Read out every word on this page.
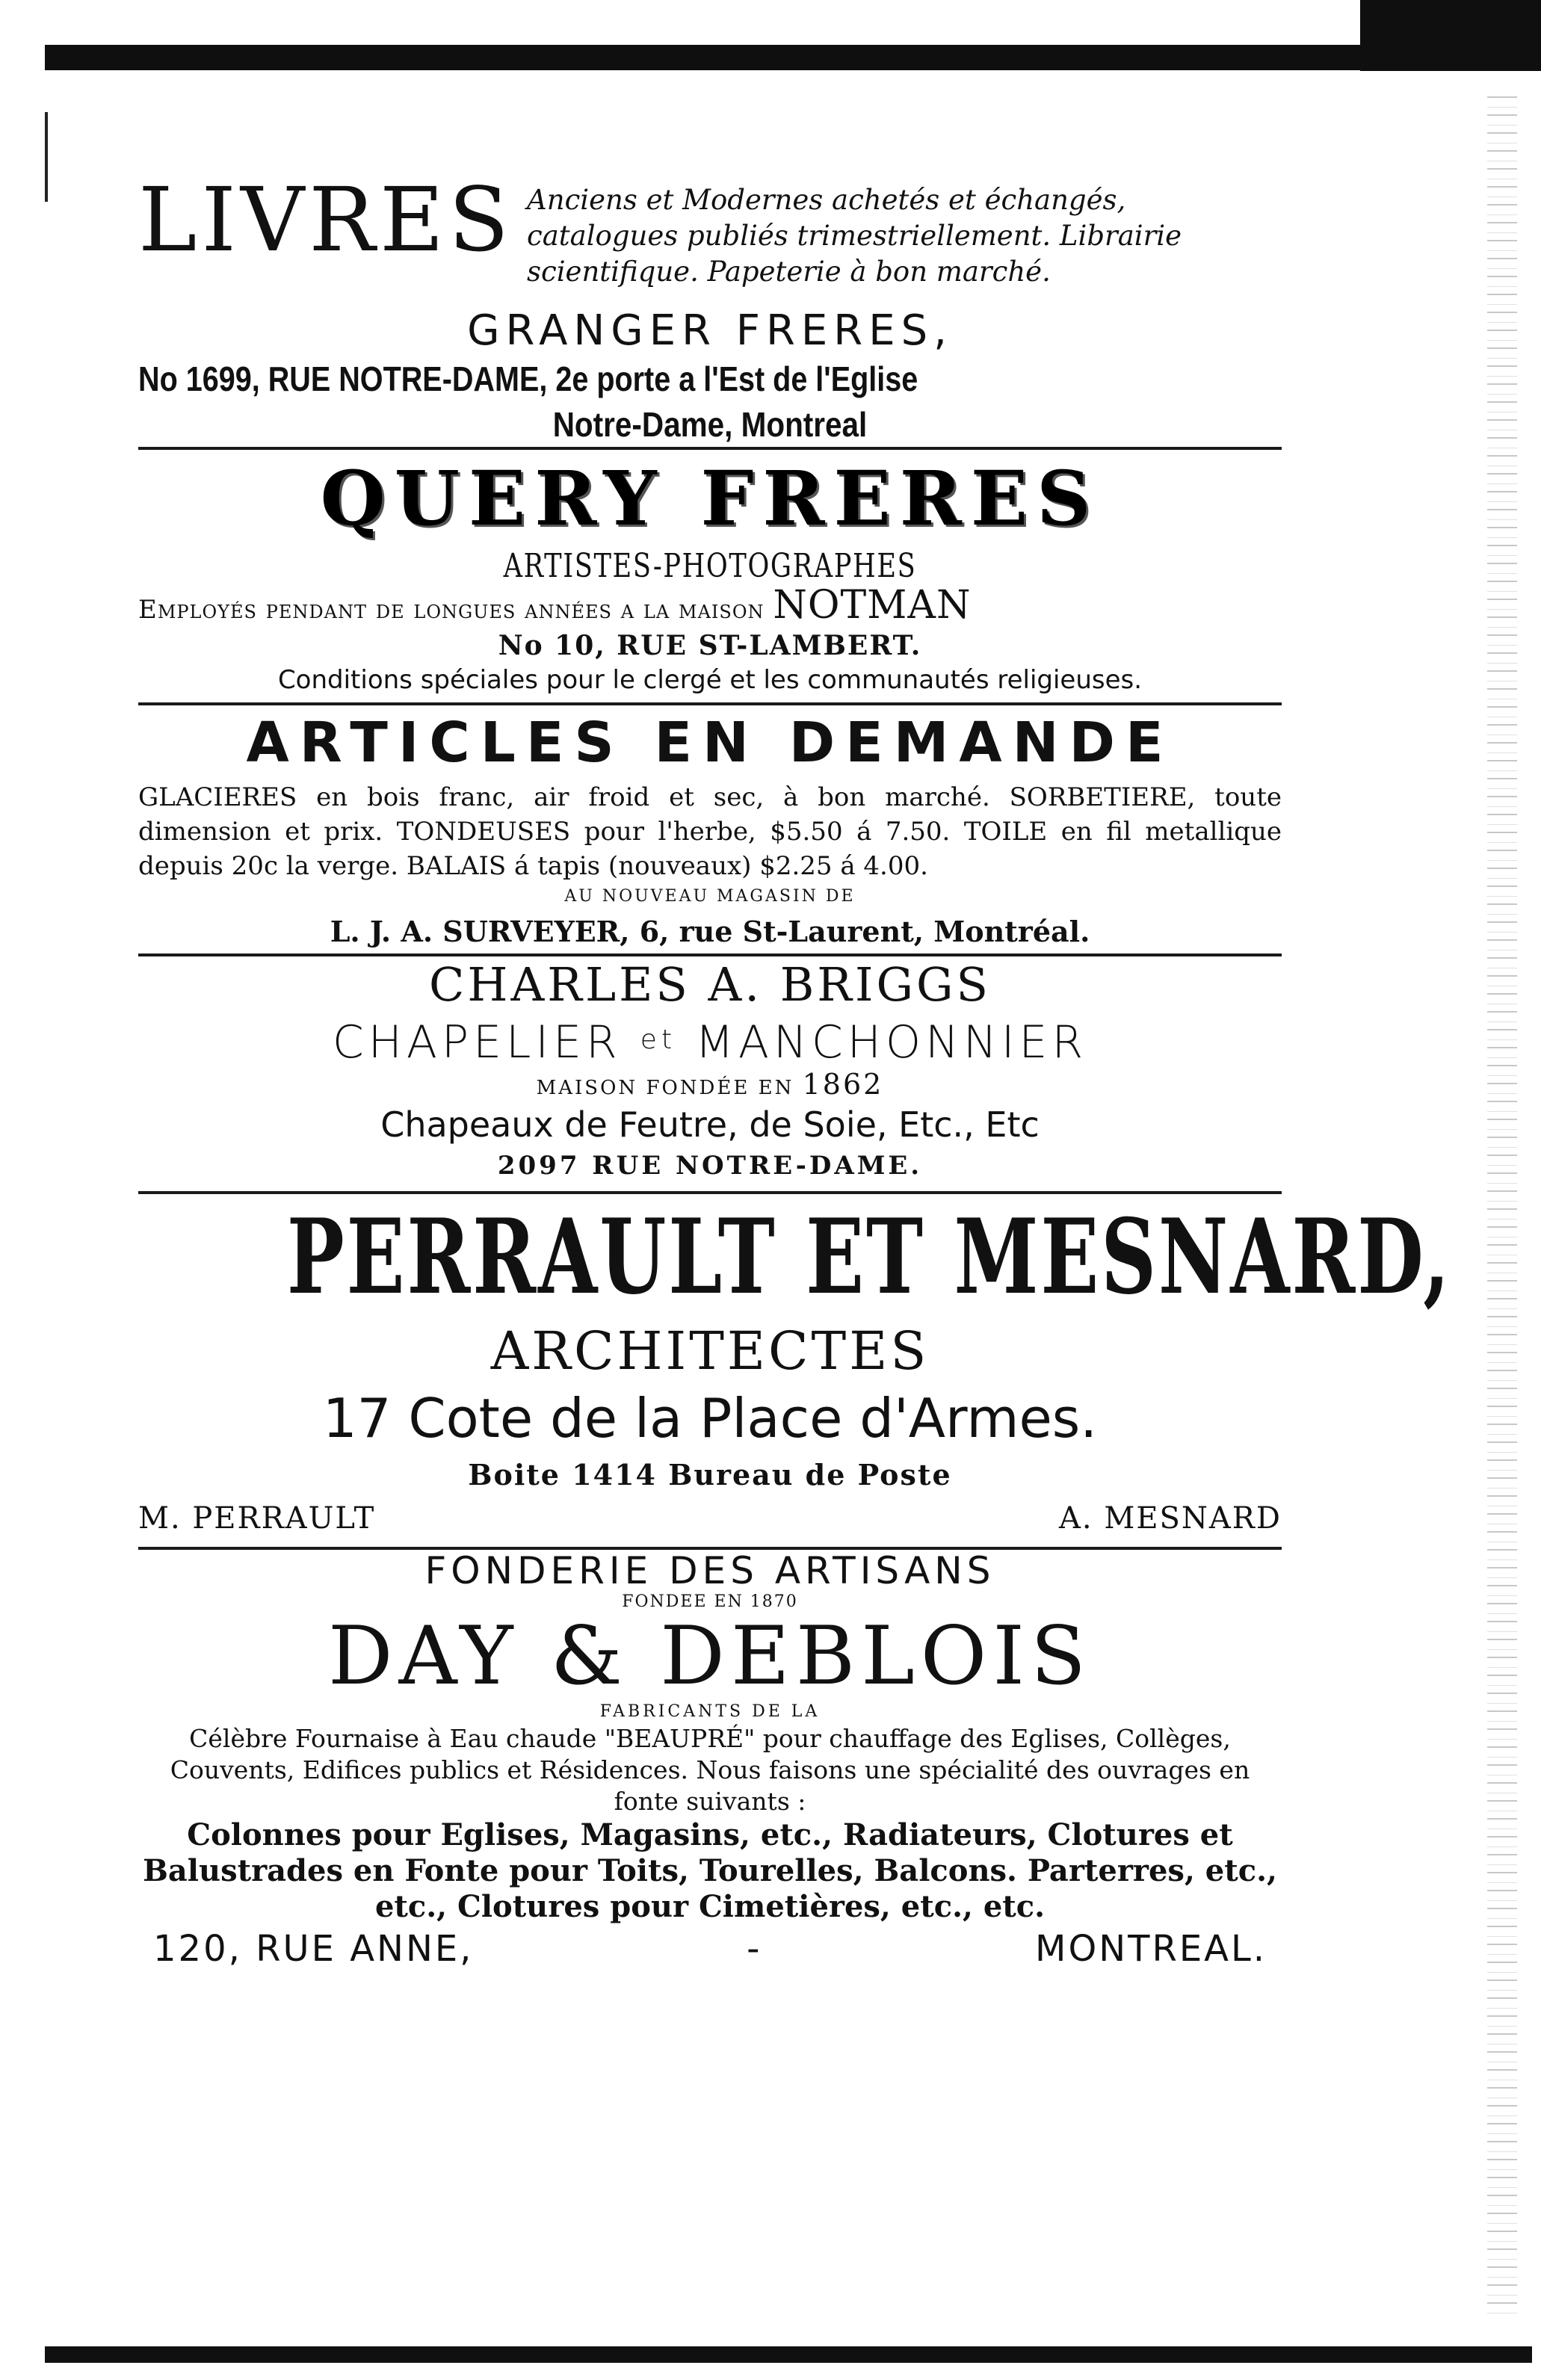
LIVRES Anciens et Modernes achetés et échangés, catalogues publiés trimestriellement. Librairie scientifique. Papeterie à bon marché.

GRANGER FRERES,
No 1699, RUE NOTRE-DAME, 2e porte a l'Est de l'Eglise
Notre-Dame, Montreal
QUERY FRERES
ARTISTES-PHOTOGRAPHES
Employés pendant de longues années a la maison NOTMAN
No 10, RUE ST-LAMBERT.
Conditions spéciales pour le clergé et les communautés religieuses.
ARTICLES EN DEMANDE
GLACIERES en bois franc, air froid et sec, à bon marché. SORBETIERE, toute dimension et prix. TONDEUSES pour l'herbe, $5.50 á 7.50. TOILE en fil metallique depuis 20c la verge. BALAIS á tapis (nouveaux) $2.25 á 4.00.
AU NOUVEAU MAGASIN DE
L. J. A. SURVEYER, 6, rue St-Laurent, Montréal.
CHARLES A. BRIGGS
CHAPELIER $^{et}$ MANCHONNIER
MAISON FONDÉE EN 1862
Chapeaux de Feutre, de Soie, Etc., Etc
2097 RUE NOTRE-DAME.
PERRAULT ET MESNARD,
ARCHITECTES
17 Cote de la Place d'Armes.
Boite 1414 Bureau de Poste
M. PERRAULT	A. MESNARD
FONDERIE DES ARTISANS
FONDEE EN 1870
DAY & DEBLOIS
FABRICANTS DE LA
Célèbre Fournaise à Eau chaude "BEAUPRÉ" pour chauffage des Eglises, Collèges, Couvents, Edifices publics et Résidences. Nous faisons une spécialité des ouvrages en fonte suivants :
Colonnes pour Eglises, Magasins, etc., Radiateurs, Clotures et Balustrades en Fonte pour Toits, Tourelles, Balcons. Parterres, etc., etc., Clotures pour Cimetières, etc., etc.
120, RUE ANNE,	-	MONTREAL.
